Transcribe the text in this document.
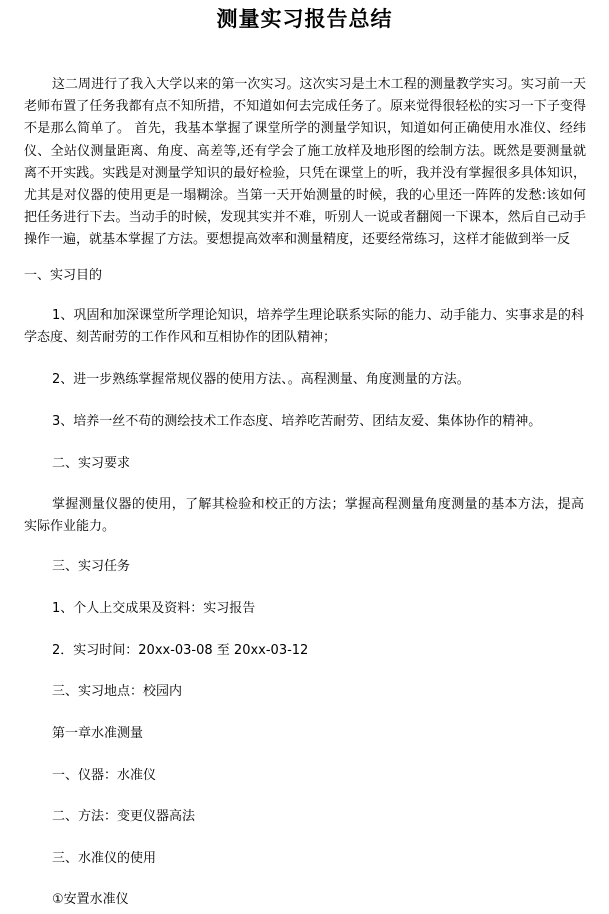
测量实习报告总结

这二周进行了我入大学以来的第一次实习。这次实习是土木工程的测量教学实习。实习前一天老师布置了任务我都有点不知所措，不知道如何去完成任务了。原来觉得很轻松的实习一下子变得不是那么简单了。 首先，我基本掌握了课堂所学的测量学知识，知道如何正确使用水准仪、经纬仪、全站仪测量距离、角度、高差等,还有学会了施工放样及地形图的绘制方法。既然是要测量就离不开实践。实践是对测量学知识的最好检验，只凭在课堂上的听，我并没有掌握很多具体知识，尤其是对仪器的使用更是一塌糊涂。当第一天开始测量的时候，我的心里还一阵阵的发愁:该如何把任务进行下去。当动手的时候，发现其实并不难，听别人一说或者翻阅一下课本，然后自己动手操作一遍，就基本掌握了方法。要想提高效率和测量精度，还要经常练习，这样才能做到举一反

一、实习目的

1、巩固和加深课堂所学理论知识，培养学生理论联系实际的能力、动手能力、实事求是的科学态度、刻苦耐劳的工作作风和互相协作的团队精神；

2、进一步熟练掌握常规仪器的使用方法、。高程测量、角度测量的方法。

3、培养一丝不苟的测绘技术工作态度、培养吃苦耐劳、团结友爱、集体协作的精神。

二、实习要求

掌握测量仪器的使用，了解其检验和校正的方法；掌握高程测量角度测量的基本方法，提高实际作业能力。

三、实习任务

1、个人上交成果及资料：实习报告

2．实习时间：20xx-03-08 至 20xx-03-12

三、实习地点：校园内

第一章水准测量

一、仪器：水准仪

二、方法：变更仪器高法

三、水准仪的使用

①安置水准仪
